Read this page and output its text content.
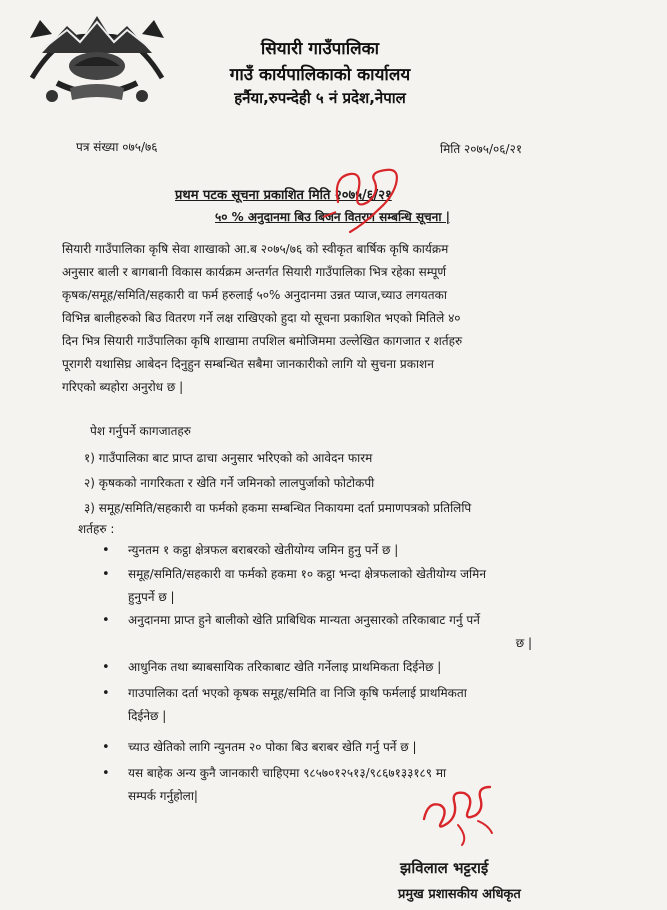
सियारी गाउँपालिका
गाउँ कार्यपालिकाको कार्यालय
हर्नैया,रुपन्देही ५ नं प्रदेश,नेपाल
पत्र संख्या ०७५/७६	मिति २०७५/०६/२१
प्रथम पटक सूचना प्रकाशित मिति २०७५/६/२१
५० % अनुदानमा बिउ बिजन वितरण सम्बन्धि सूचना |
सियारी गाउँपालिका कृषि सेवा शाखाको आ.ब २०७५/७६ को स्वीकृत बार्षिक कृषि कार्यक्रम
अनुसार बाली र बागबानी विकास कार्यक्रम अन्तर्गत सियारी गाउँपालिका भित्र रहेका सम्पूर्ण
कृषक/समूह/समिति/सहकारी वा फर्म हरुलाई ५०% अनुदानमा उन्नत प्याज,च्याउ लगयतका
विभिन्न बालीहरुको बिउ वितरण गर्ने लक्ष राखिएको हुदा यो सूचना प्रकाशित भएको मितिले ४०
दिन भित्र सियारी गाउँपालिका कृषि शाखामा तपशिल बमोजिममा उल्लेखित कागजात र शर्तहरु
पूरागरी यथासिघ्र आबेदन दिनुहुन सम्बन्धित सबैमा जानकारीको लागि यो सुचना प्रकाशन
गरिएको ब्यहोरा अनुरोध छ |
पेश गर्नुपर्ने कागजातहरु
१) गाउँपालिका बाट प्राप्त ढाचा अनुसार भरिएको को आवेदन फारम
२) कृषकको नागरिकता र खेति गर्ने जमिनको लालपुर्जाको फोटोकपी
३) समूह/समिति/सहकारी वा फर्मको हकमा सम्बन्धित निकायमा दर्ता प्रमाणपत्रको प्रतिलिपि
शर्तहरु :
• न्युनतम १ कट्ठा क्षेत्रफल बराबरको खेतीयोग्य जमिन हुनु पर्ने छ |
• समूह/समिति/सहकारी वा फर्मको हकमा १० कट्ठा भन्दा क्षेत्रफलाको खेतीयोग्य जमिन
हुनुपर्ने छ |
• अनुदानमा प्राप्त हुने बालीको खेति प्राबिधिक मान्यता अनुसारको तरिकाबाट गर्नु पर्ने
छ |
• आधुनिक तथा ब्याबसायिक तरिकाबाट खेति गर्नेलाइ प्राथमिकता दिईनेछ |
• गाउपालिका दर्ता भएको कृषक समूह/समिति वा निजि कृषि फर्मलाई प्राथमिकता
दिईनेछ |
• च्याउ खेतिको लागि न्युनतम २० पोका बिउ बराबर खेति गर्नु पर्ने छ |
• यस बाहेक अन्य कुनै जानकारी चाहिएमा ९८५७०१२५१३/९८६७१३३१८९ मा
सम्पर्क गर्नुहोला|
झविलाल भट्टराई
प्रमुख प्रशासकीय अधिकृत
